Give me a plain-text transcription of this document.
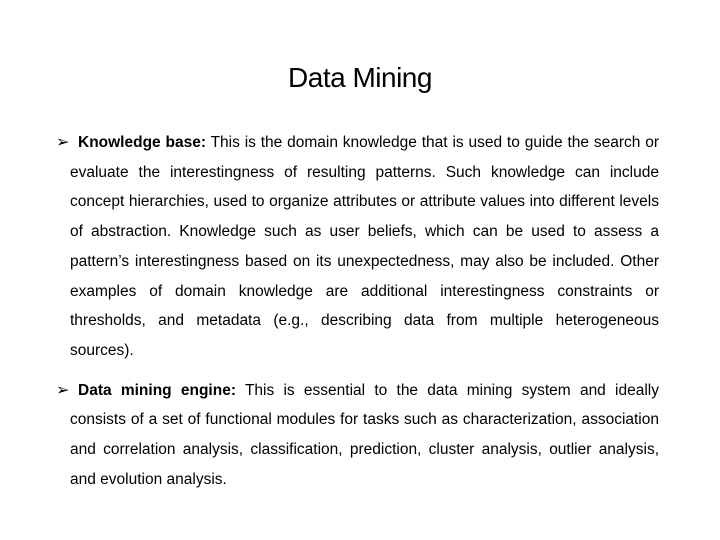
Data Mining
➢ Knowledge base: This is the domain knowledge that is used to guide the search or evaluate the interestingness of resulting patterns. Such knowledge can include concept hierarchies, used to organize attributes or attribute values into different levels of abstraction. Knowledge such as user beliefs, which can be used to assess a pattern’s interestingness based on its unexpectedness, may also be included. Other examples of domain knowledge are additional interestingness constraints or thresholds, and metadata (e.g., describing data from multiple heterogeneous sources).
➢ Data mining engine: This is essential to the data mining system and ideally consists of a set of functional modules for tasks such as characterization, association and correlation analysis, classification, prediction, cluster analysis, outlier analysis, and evolution analysis.
